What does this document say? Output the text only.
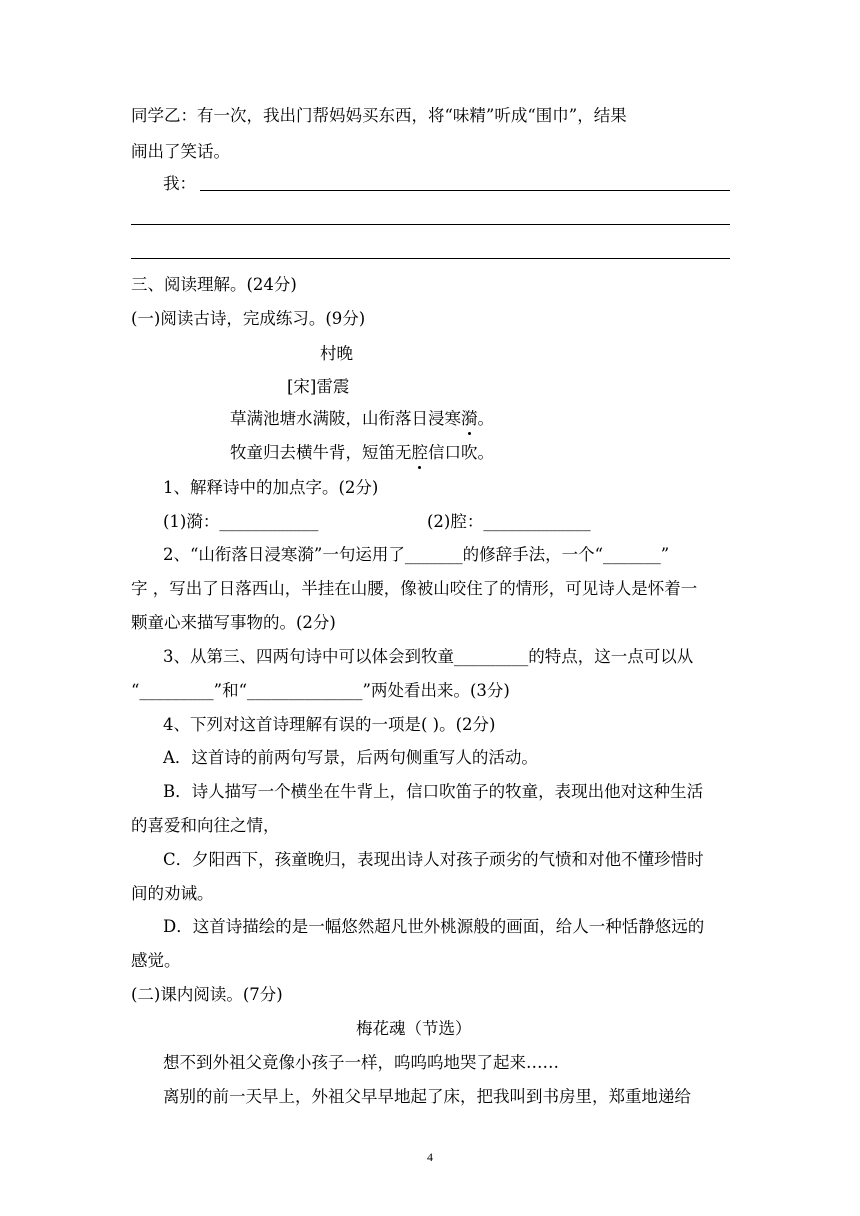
同学乙：有一次，我出门帮妈妈买东西，将“味精”听成“围巾”，结果
闹出了笑话。
我：
三、阅读理解。(24分)
(一)阅读古诗，完成练习。(9分)
村晚
[宋]雷震
草满池塘水满陂，山衔落日浸寒漪。
牧童归去横牛背，短笛无腔信口吹。
1、解释诗中的加点字。(2分)
(1)漪：____________	(2)腔：_____________
2、“山衔落日浸寒漪”一句运用了_______的修辞手法，一个“_______”
字 ，写出了日落西山，半挂在山腰，像被山咬住了的情形，可见诗人是怀着一
颗童心来描写事物的。(2分)
3、从第三、四两句诗中可以体会到牧童_________的特点，这一点可以从
“_________”和“______________”两处看出来。(3分)
4、下列对这首诗理解有误的一项是( )。(2分)
A．这首诗的前两句写景，后两句侧重写人的活动。
B．诗人描写一个横坐在牛背上，信口吹笛子的牧童，表现出他对这种生活
的喜爱和向往之情，
C．夕阳西下，孩童晚归，表现出诗人对孩子顽劣的气愤和对他不懂珍惜时
间的劝诫。
D．这首诗描绘的是一幅悠然超凡世外桃源般的画面，给人一种恬静悠远的
感觉。
(二)课内阅读。(7分)
梅花魂（节选）
想不到外祖父竟像小孩子一样，呜呜呜地哭了起来……
离别的前一天早上，外祖父早早地起了床，把我叫到书房里，郑重地递给
4
